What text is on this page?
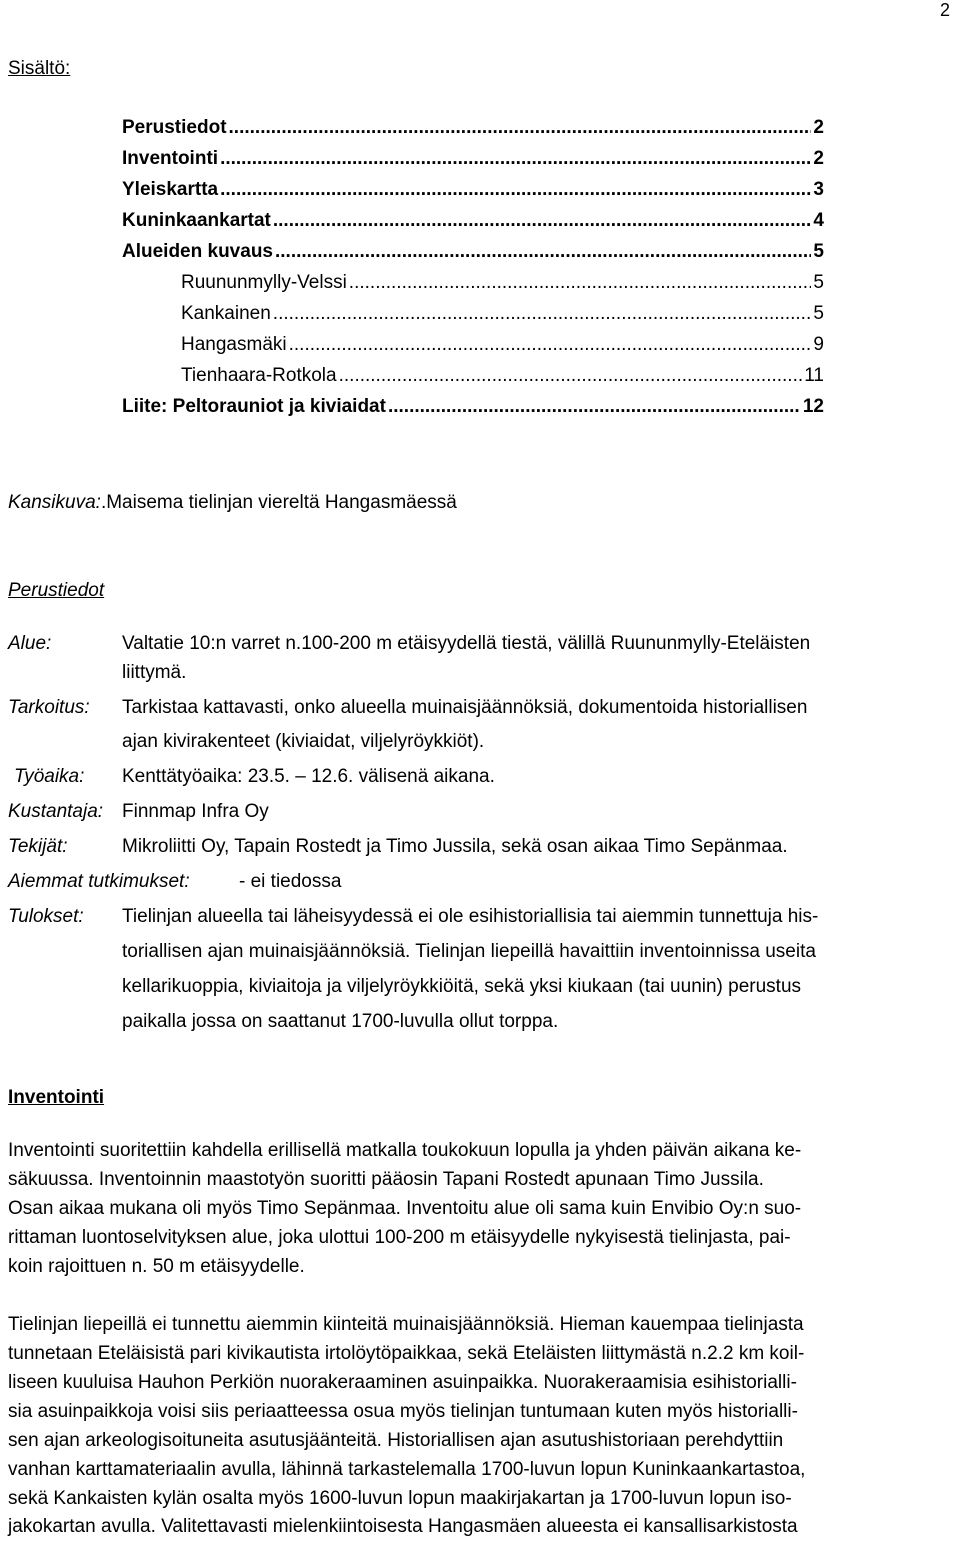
2
Sisältö:
Perustiedot .....	2
Inventointi .....	2
Yleiskartta .....	3
Kuninkaankartat .....	4
Alueiden kuvaus .....	5
Ruununmylly-Velssi .....	5
Kankainen .....	5
Hangasmäki .....	9
Tienhaara-Rotkola .....	11
Liite: Peltorauniot ja kiviaidat .....	12
Kansikuva:.Maisema tielinjan viereltä Hangasmäessä
Perustiedot
Alue:	Valtatie 10:n varret n.100-200 m etäisyydellä tiestä, välillä Ruununmylly-Eteläisten
liittymä.
Tarkoitus: Tarkistaa kattavasti, onko alueella muinaisjäännöksiä, dokumentoida historiallisen
ajan kivirakenteet (kiviaidat, viljelyröykkiöt).
Työaika: Kenttätyöaika: 23.5. – 12.6. välisenä aikana.
Kustantaja: Finnmap Infra Oy
Tekijät:	Mikroliitti Oy, Tapain Rostedt ja Timo Jussila, sekä osan aikaa Timo Sepänmaa.
Aiemmat tutkimukset:	- ei tiedossa
Tulokset: Tielinjan alueella tai läheisyydessä ei ole esihistoriallisia tai aiemmin tunnettuja his-
toriallisen ajan muinaisjäännöksiä. Tielinjan liepeillä havaittiin inventoinnissa useita
kellarikuoppia, kiviaitoja ja viljelyröykkiöitä, sekä yksi kiukaan (tai uunin) perustus
paikalla jossa on saattanut 1700-luvulla ollut torppa.
Inventointi
Inventointi suoritettiin kahdella erillisellä matkalla toukokuun lopulla ja yhden päivän aikana ke-
säkuussa. Inventoinnin maastotyön suoritti pääosin Tapani Rostedt apunaan Timo Jussila.
Osan aikaa mukana oli myös Timo Sepänmaa. Inventoitu alue oli sama kuin Envibio Oy:n suo-
rittaman luontoselvityksen alue, joka ulottui 100-200 m etäisyydelle nykyisestä tielinjasta, pai-
koin rajoittuen n. 50 m etäisyydelle.
Tielinjan liepeillä ei tunnettu aiemmin kiinteitä muinaisjäännöksiä. Hieman kauempaa tielinjasta
tunnetaan Eteläisistä pari kivikautista irtolöytöpaikkaa, sekä Eteläisten liittymästä n.2.2 km koil-
liseen kuuluisa Hauhon Perkiön nuorakeraaminen asuinpaikka. Nuorakeraamisia esihistorialli-
sia asuinpaikkoja voisi siis periaatteessa osua myös tielinjan tuntumaan kuten myös historialli-
sen ajan arkeologisoituneita asutusjäänteitä. Historiallisen ajan asutushistoriaan perehdyttiin
vanhan karttamateriaalin avulla, lähinnä tarkastelemalla 1700-luvun lopun Kuninkaankartastoa,
sekä Kankaisten kylän osalta myös 1600-luvun lopun maakirjakartan ja 1700-luvun lopun iso-
jakokartan avulla. Valitettavasti mielenkiintoisesta Hangasmäen alueesta ei kansallisarkistosta
